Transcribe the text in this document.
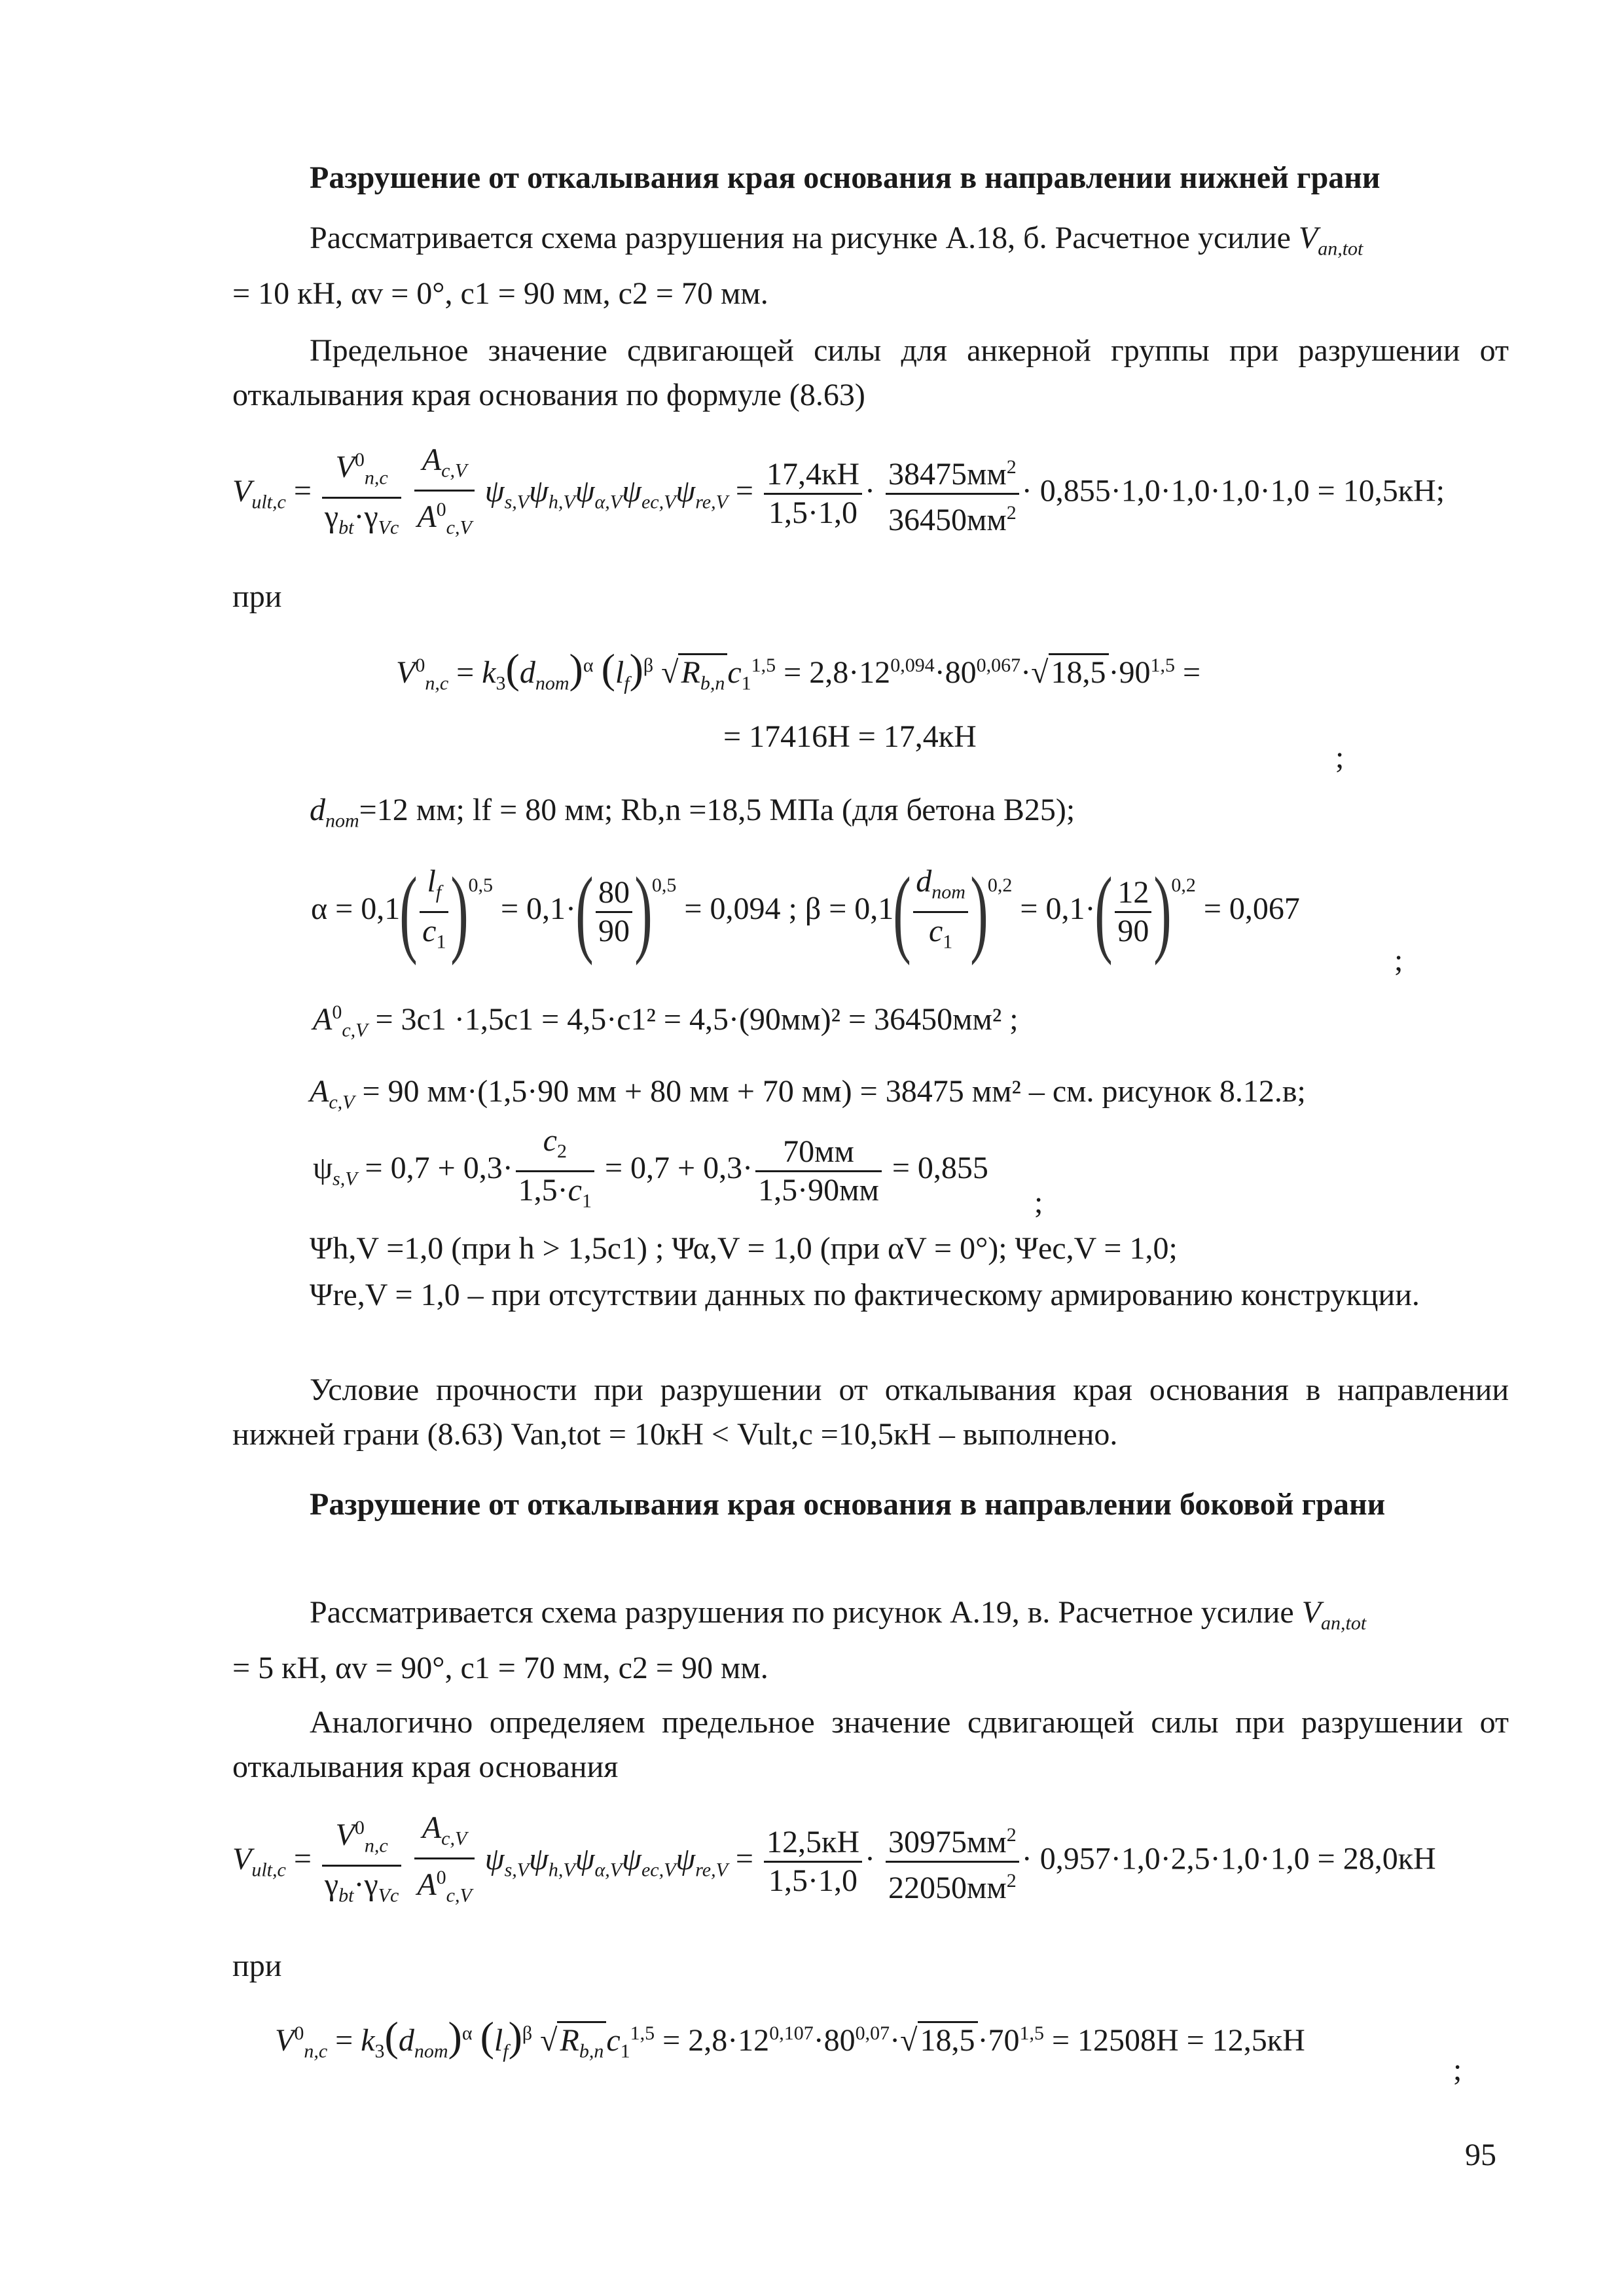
Разрушение от откалывания края основания в направлении нижней грани
Рассматривается схема разрушения на рисунке А.18, б. Расчетное усилие $V_{an,tot}$
= 10 кН, αv = 0°, c1 = 90 мм, c2 = 70 мм.
Предельное значение сдвигающей силы для анкерной группы при разрушении от откалывания края основания по формуле (8.63)
$V_{ult,c}$ =
$V^0_{n,c}$
$\gamma_{bt}\cdot\gamma_{Vc}$
$\frac{A_{c,V}}{A^0_{c,V}} \psi_{s,V}\psi_{h,V}\psi_{\alpha,V}\psi_{ec,V}\psi_{re,V} = 17,4кН$
1,5·1,0
· $38475мм^2$
$36450мм^2$
· 0,855·1,0·1,0·1,0·1,0 = 10,5кН;
при
$V^0_{n,c} = k_3(d_{nom})^\alpha$ $(l_f)^\beta$ $√R_{b,n}c_1^{1,5} = 2,8\cdot 12^{0,094}\cdot 80^{0,067}\cdot√18,5\cdot 90^{1,5}$ =
= 17416Н = 17,4кН
;
$d_{nom}=12$ мм; lf = 80 мм; Rb,n =18,5 МПа (для бетона В25);
$\alpha = 0,1( \frac{l_f}{c_1} )^{0,5} = 0,1\cdot( \frac{80}{90} )^{0,5} = 0,094$ ; β = 0,1( $d_{nom}$
$c_1$ )$^{0,2} = 0,1\cdot( \frac{12}{90} )^{0,2} = 0,067$
;
$A^0_{c,V} = 3c1 \cdot 1,5c1 = 4,5\cdot c1^2 = 4,5\cdot(90мм)^2 = 36450мм^2$ ;
$A_{c,V} = 90$ мм·(1,5·90 мм + 80 мм + 70 мм) = 38475 мм² – см. рисунок 8.12.в;
$\psi_{s,V} = 0,7 + 0,3\cdot \frac{c_2}{1,5\cdot c_1} = 0,7 + 0,3\cdot 70мм$
1,5·90мм
= 0,855
;
Ψh,V =1,0 (при h > 1,5c1) ; Ψα,V = 1,0 (при αV = 0°); Ψec,V = 1,0;
Ψre,V = 1,0 – при отсутствии данных по фактическому армированию конструкции.
Условие прочности при разрушении от откалывания края основания в направлении нижней грани (8.63) Van,tot = 10кН < Vult,c =10,5кН – выполнено.
Разрушение от откалывания края основания в направлении боковой грани
Рассматривается схема разрушения по рисунок А.19, в. Расчетное усилие $V_{an,tot}$
= 5 кН, αv = 90°, c1 = 70 мм, c2 = 90 мм.
Аналогично определяем предельное значение сдвигающей силы при разрушении от откалывания края основания
$V_{ult,c}$ =
$V^0_{n,c}$
$\gamma_{bt}\cdot\gamma_{Vc}$
$\frac{A_{c,V}}{A^0_{c,V}} \psi_{s,V}\psi_{h,V}\psi_{\alpha,V}\psi_{ec,V}\psi_{re,V} = 12,5кН$
1,5·1,0
· $30975мм^2$
$22050мм^2$
· 0,957·1,0·2,5·1,0·1,0 = 28,0кН
при
$V^0_{n,c} = k_3(d_{nom})^\alpha$ $(l_f)^\beta$ $√R_{b,n}c_1^{1,5} = 2,8\cdot 12^{0,107}\cdot 80^{0,07}\cdot√18,5\cdot 70^{1,5} = 12508Н = 12,5кН$
;
95
